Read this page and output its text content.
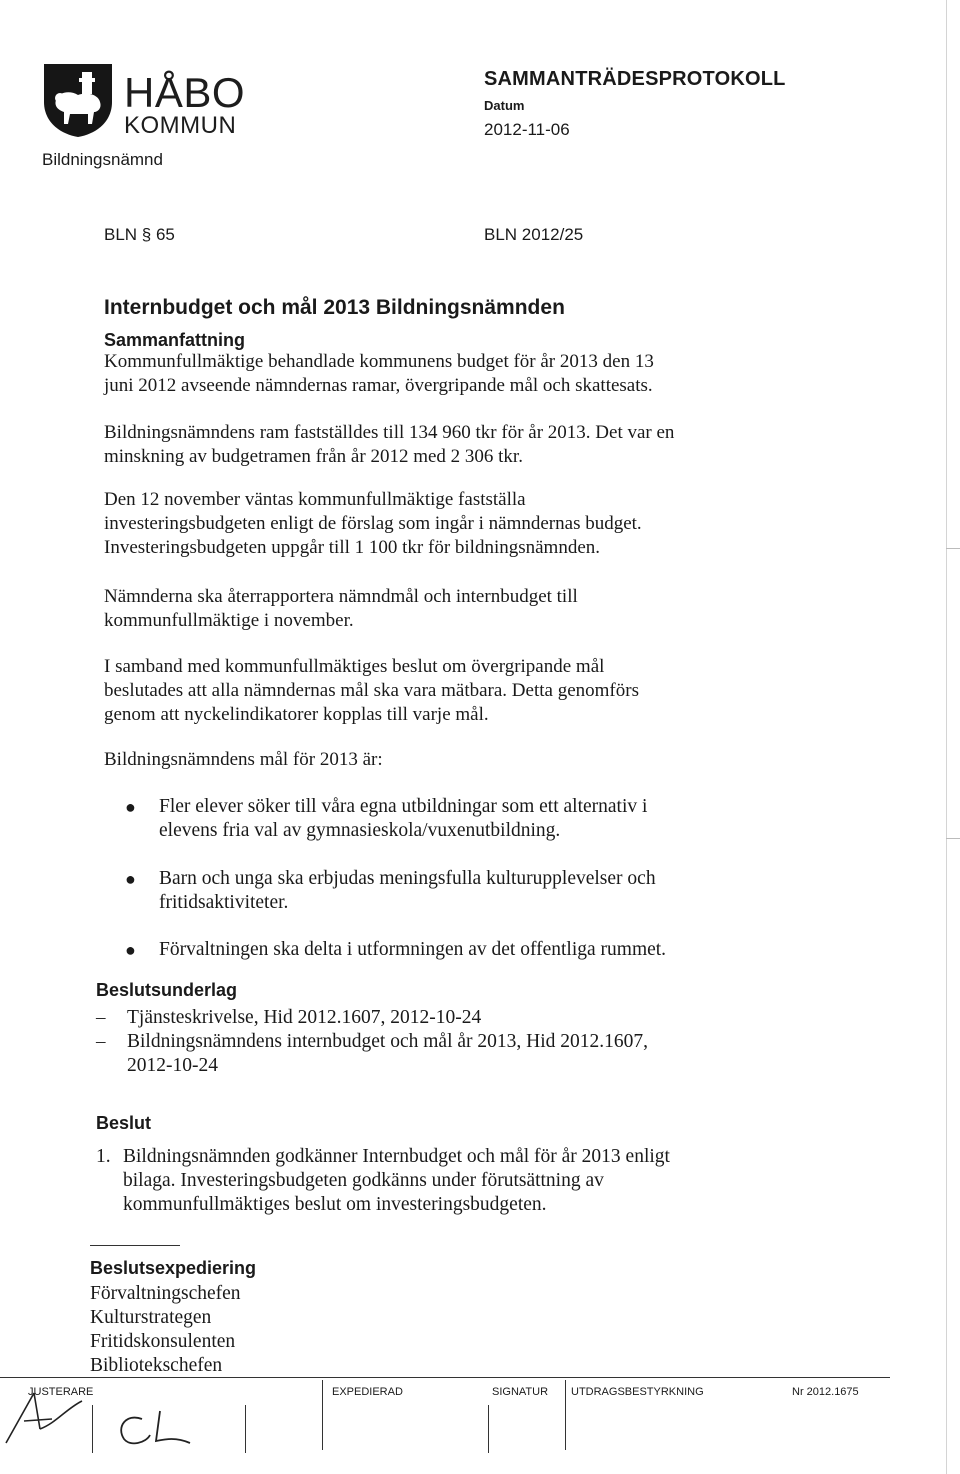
HÅBO
KOMMUN
Bildningsnämnd
SAMMANTRÄDESPROTOKOLL
Datum
2012-11-06
BLN § 65	BLN 2012/25
Internbudget och mål 2013 Bildningsnämnden
Sammanfattning
Kommunfullmäktige behandlade kommunens budget för år 2013 den 13
juni 2012 avseende nämndernas ramar, övergripande mål och skattesats.
Bildningsnämndens ram fastställdes till 134 960 tkr för år 2013. Det var en
minskning av budgetramen från år 2012 med 2 306 tkr.
Den 12 november väntas kommunfullmäktige fastställa
investeringsbudgeten enligt de förslag som ingår i nämndernas budget.
Investeringsbudgeten uppgår till 1 100 tkr för bildningsnämnden.
Nämnderna ska återrapportera nämndmål och internbudget till
kommunfullmäktige i november.
I samband med kommunfullmäktiges beslut om övergripande mål
beslutades att alla nämndernas mål ska vara mätbara. Detta genomförs
genom att nyckelindikatorer kopplas till varje mål.
Bildningsnämndens mål för 2013 är:
● Fler elever söker till våra egna utbildningar som ett alternativ i
elevens fria val av gymnasieskola/vuxenutbildning.
● Barn och unga ska erbjudas meningsfulla kulturupplevelser och
fritidsaktiviteter.
● Förvaltningen ska delta i utformningen av det offentliga rummet.
Beslutsunderlag
– Tjänsteskrivelse, Hid 2012.1607, 2012-10-24
– Bildningsnämndens internbudget och mål år 2013, Hid 2012.1607,
2012-10-24
Beslut
1. Bildningsnämnden godkänner Internbudget och mål för år 2013 enligt
bilaga. Investeringsbudgeten godkänns under förutsättning av
kommunfullmäktiges beslut om investeringsbudgeten.
Beslutsexpediering
Förvaltningschefen
Kulturstrategen
Fritidskonsulenten
Bibliotekschefen
JUSTERARE	EXPEDIERAD	SIGNATUR UTDRAGSBESTYRKNING	Nr 2012.1675
